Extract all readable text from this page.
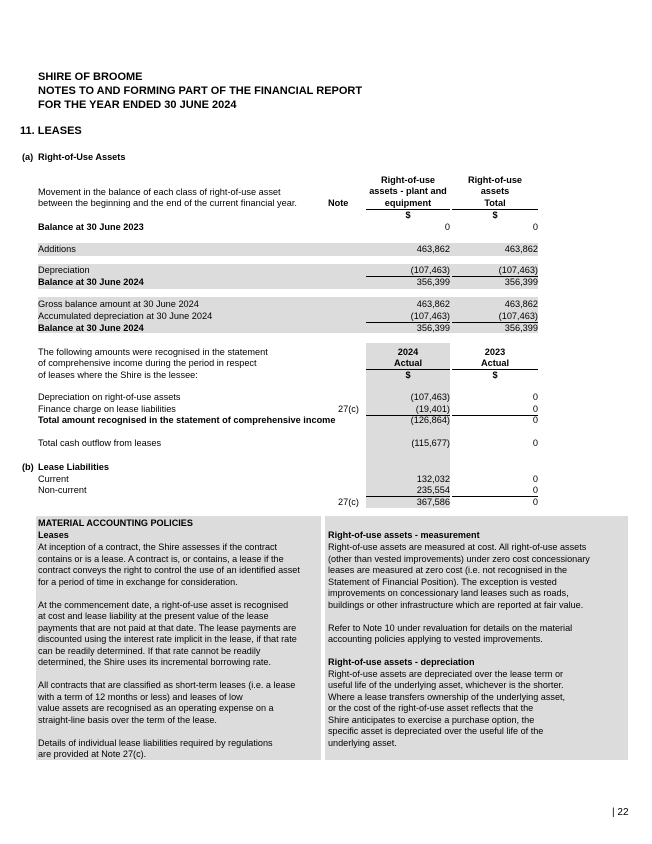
SHIRE OF BROOME
NOTES TO AND FORMING PART OF THE FINANCIAL REPORT
FOR THE YEAR ENDED 30 JUNE 2024
11. LEASES
(a) Right-of-Use Assets
Movement in the balance of each class of right-of-use asset
between the beginning and the end of the current financial year.	Note
Right-of-use
assets - plant and
equipment
$
Right-of-use
assets
Total
$
Balance at 30 June 2023	0	0
Additions	463,862	463,862
Depreciation	(107,463)	(107,463)
Balance at 30 June 2024	356,399	356,399
Gross balance amount at 30 June 2024	463,862	463,862
Accumulated depreciation at 30 June 2024	(107,463)	(107,463)
Balance at 30 June 2024	356,399	356,399
The following amounts were recognised in the statement
of comprehensive income during the period in respect
of leases where the Shire is the lessee:
2024
Actual
$
2023
Actual
$
Depreciation on right-of-use assets	(107,463)	0
Finance charge on lease liabilities	27(c)	(19,401)	0
Total amount recognised in the statement of comprehensive income	(126,864)	0
Total cash outflow from leases	(115,677)	0
(b) Lease Liabilities
Current	132,032	0
Non-current	235,554	0
27(c)	367,586	0
MATERIAL ACCOUNTING POLICIES
Leases
At inception of a contract, the Shire assesses if the contract
contains or is a lease. A contract is, or contains, a lease if the
contract conveys the right to control the use of an identified asset
for a period of time in exchange for consideration.
At the commencement date, a right-of-use asset is recognised
at cost and lease liability at the present value of the lease
payments that are not paid at that date. The lease payments are
discounted using the interest rate implicit in the lease, if that rate
can be readily determined. If that rate cannot be readily
determined, the Shire uses its incremental borrowing rate.
All contracts that are classified as short-term leases (i.e. a lease
with a term of 12 months or less) and leases of low
value assets are recognised as an operating expense on a
straight-line basis over the term of the lease.
Details of individual lease liabilities required by regulations
are provided at Note 27(c).
Right-of-use assets - measurement
Right-of-use assets are measured at cost. All right-of-use assets
(other than vested improvements) under zero cost concessionary
leases are measured at zero cost (i.e. not recognised in the
Statement of Financial Position). The exception is vested
improvements on concessionary land leases such as roads,
buildings or other infrastructure which are reported at fair value.
Refer to Note 10 under revaluation for details on the material
accounting policies applying to vested improvements.
Right-of-use assets - depreciation
Right-of-use assets are depreciated over the lease term or
useful life of the underlying asset, whichever is the shorter.
Where a lease transfers ownership of the underlying asset,
or the cost of the right-of-use asset reflects that the
Shire anticipates to exercise a purchase option, the
specific asset is depreciated over the useful life of the
underlying asset.
| 22
